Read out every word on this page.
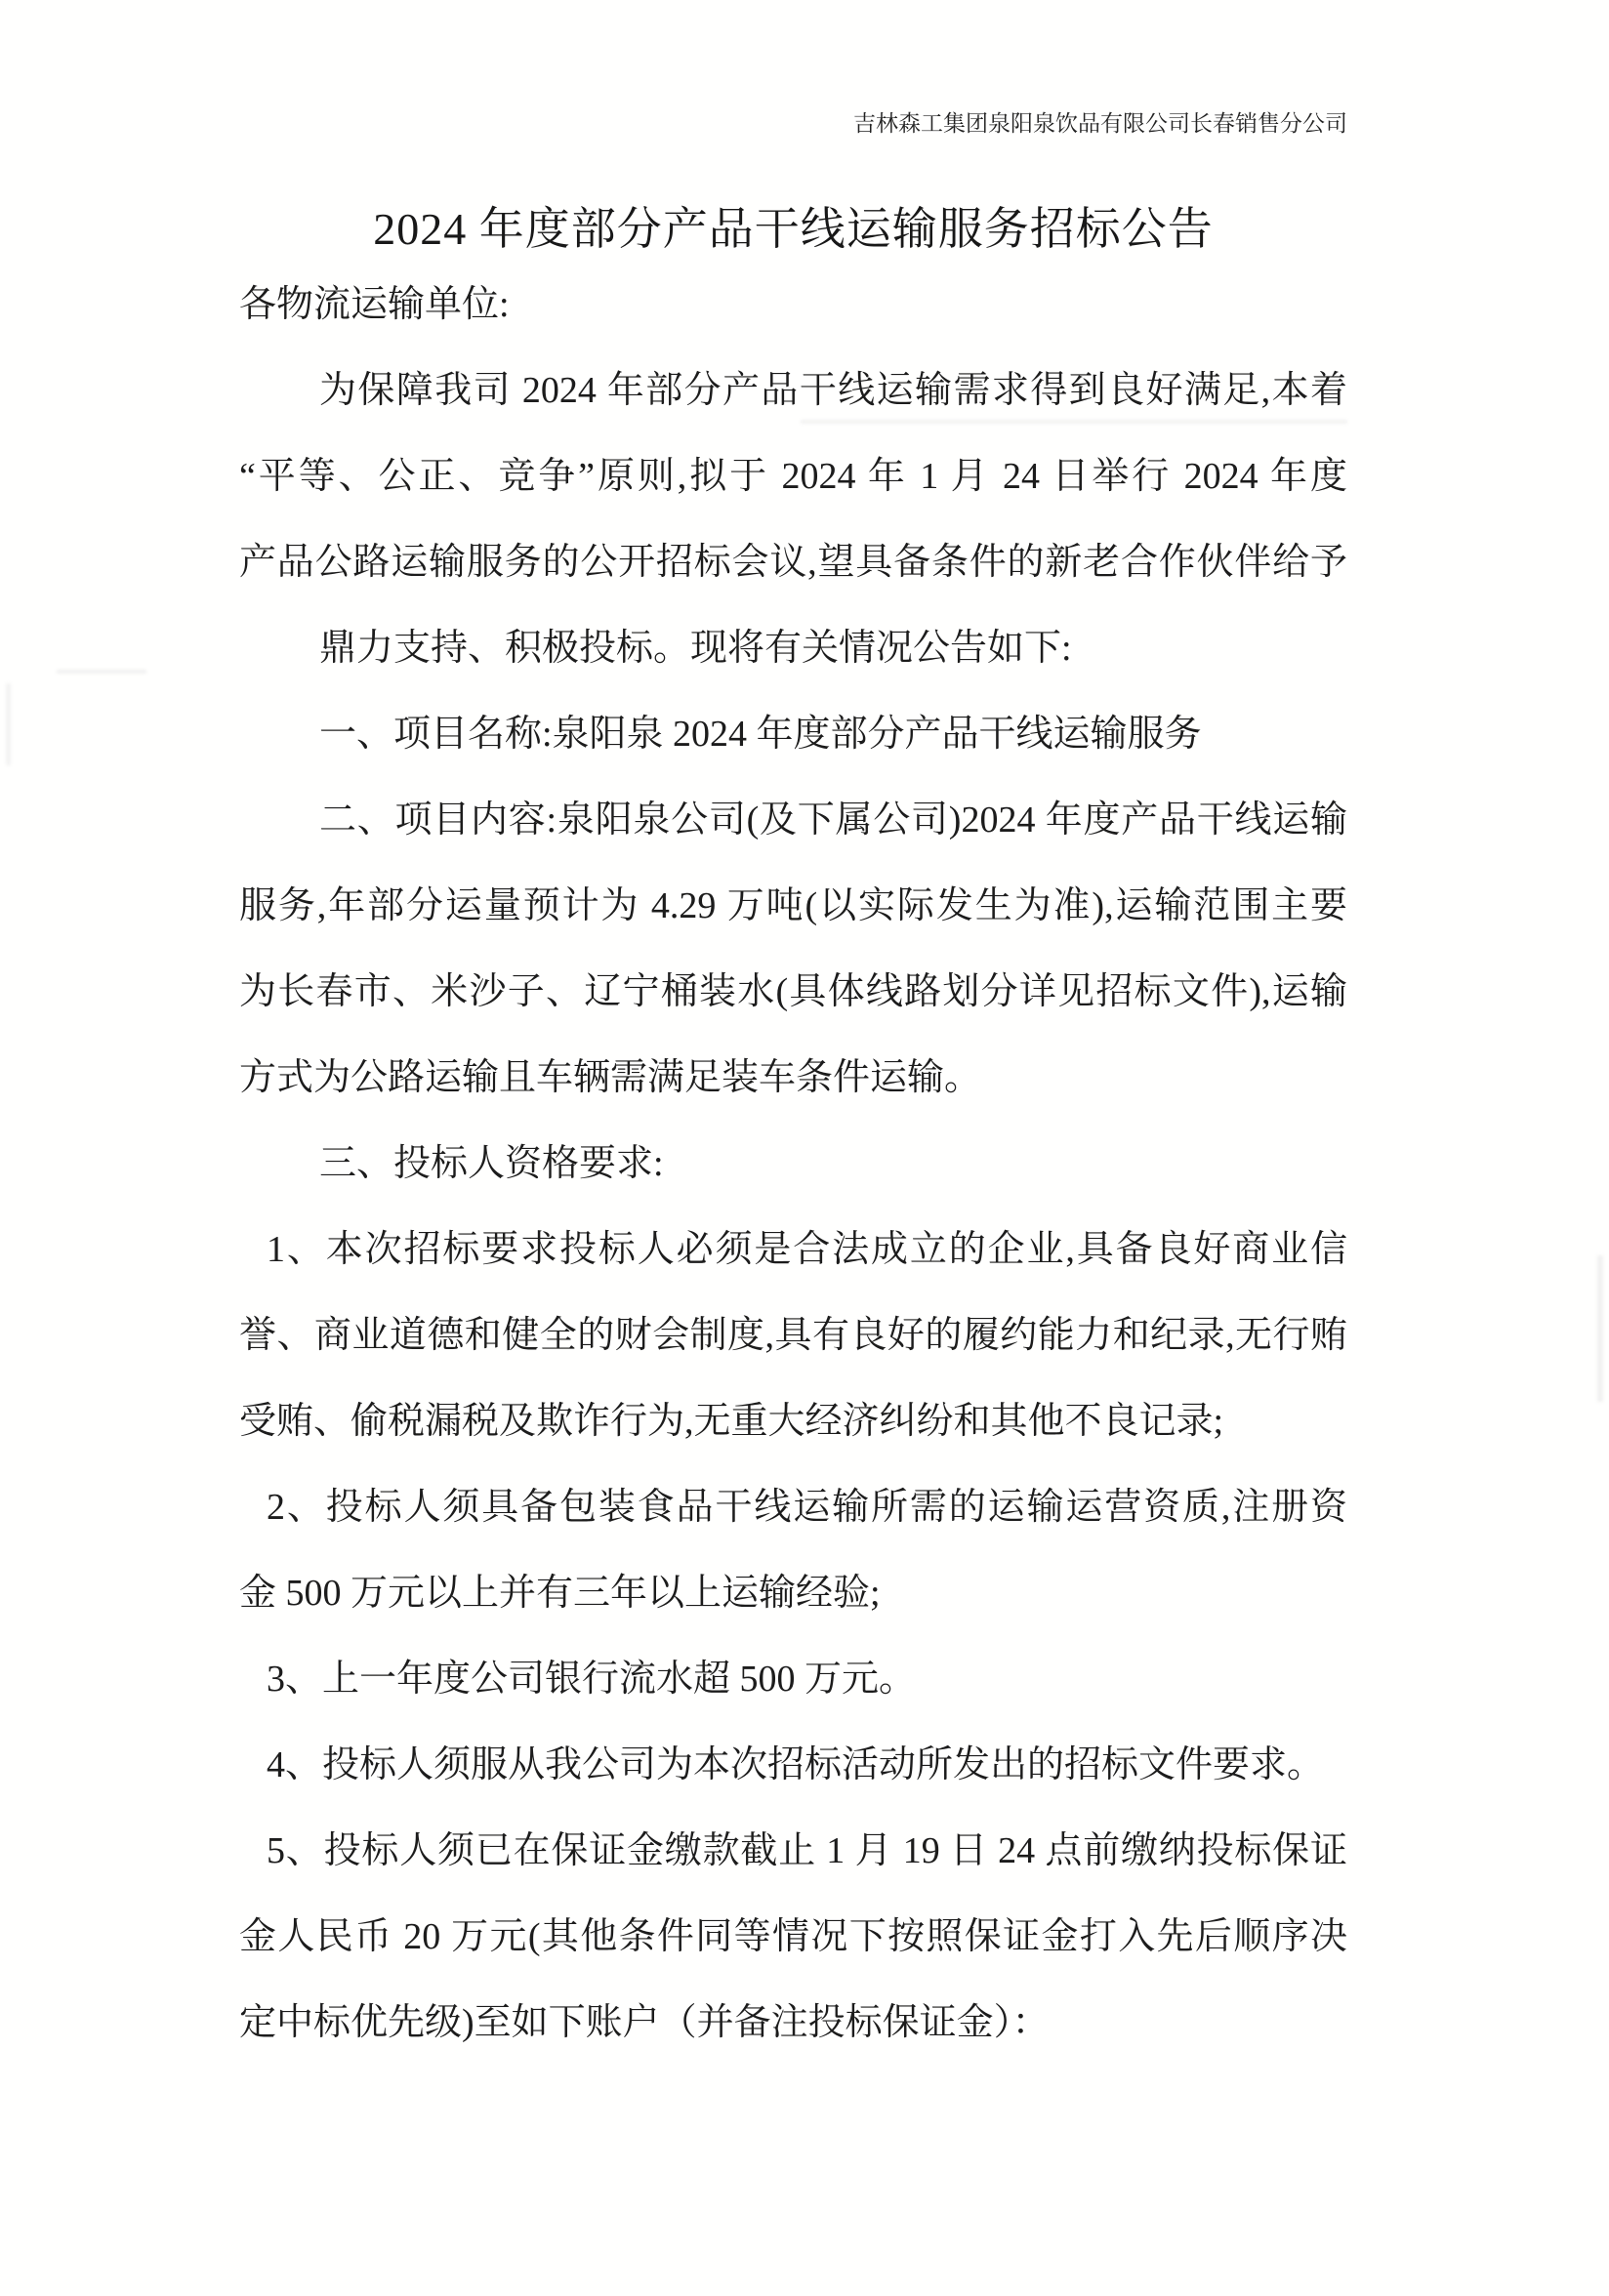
吉林森工集团泉阳泉饮品有限公司长春销售分公司
2024 年度部分产品干线运输服务招标公告
各物流运输单位:
为保障我司 2024 年部分产品干线运输需求得到良好满足,本着
“平等、公正、竞争”原则,拟于 2024 年 1 月 24 日举行 2024 年度
产品公路运输服务的公开招标会议,望具备条件的新老合作伙伴给予
鼎力支持、积极投标。现将有关情况公告如下:
一、项目名称:泉阳泉 2024 年度部分产品干线运输服务
二、项目内容:泉阳泉公司(及下属公司)2024 年度产品干线运输
服务,年部分运量预计为 4.29 万吨(以实际发生为准),运输范围主要
为长春市、米沙子、辽宁桶装水(具体线路划分详见招标文件),运输
方式为公路运输且车辆需满足装车条件运输。
三、投标人资格要求:
1、本次招标要求投标人必须是合法成立的企业,具备良好商业信
誉、商业道德和健全的财会制度,具有良好的履约能力和纪录,无行贿
受贿、偷税漏税及欺诈行为,无重大经济纠纷和其他不良记录;
2、投标人须具备包装食品干线运输所需的运输运营资质,注册资
金 500 万元以上并有三年以上运输经验;
3、上一年度公司银行流水超 500 万元。
4、投标人须服从我公司为本次招标活动所发出的招标文件要求。
5、投标人须已在保证金缴款截止 1 月 19 日 24 点前缴纳投标保证
金人民币 20 万元(其他条件同等情况下按照保证金打入先后顺序决
定中标优先级)至如下账户（并备注投标保证金）：
